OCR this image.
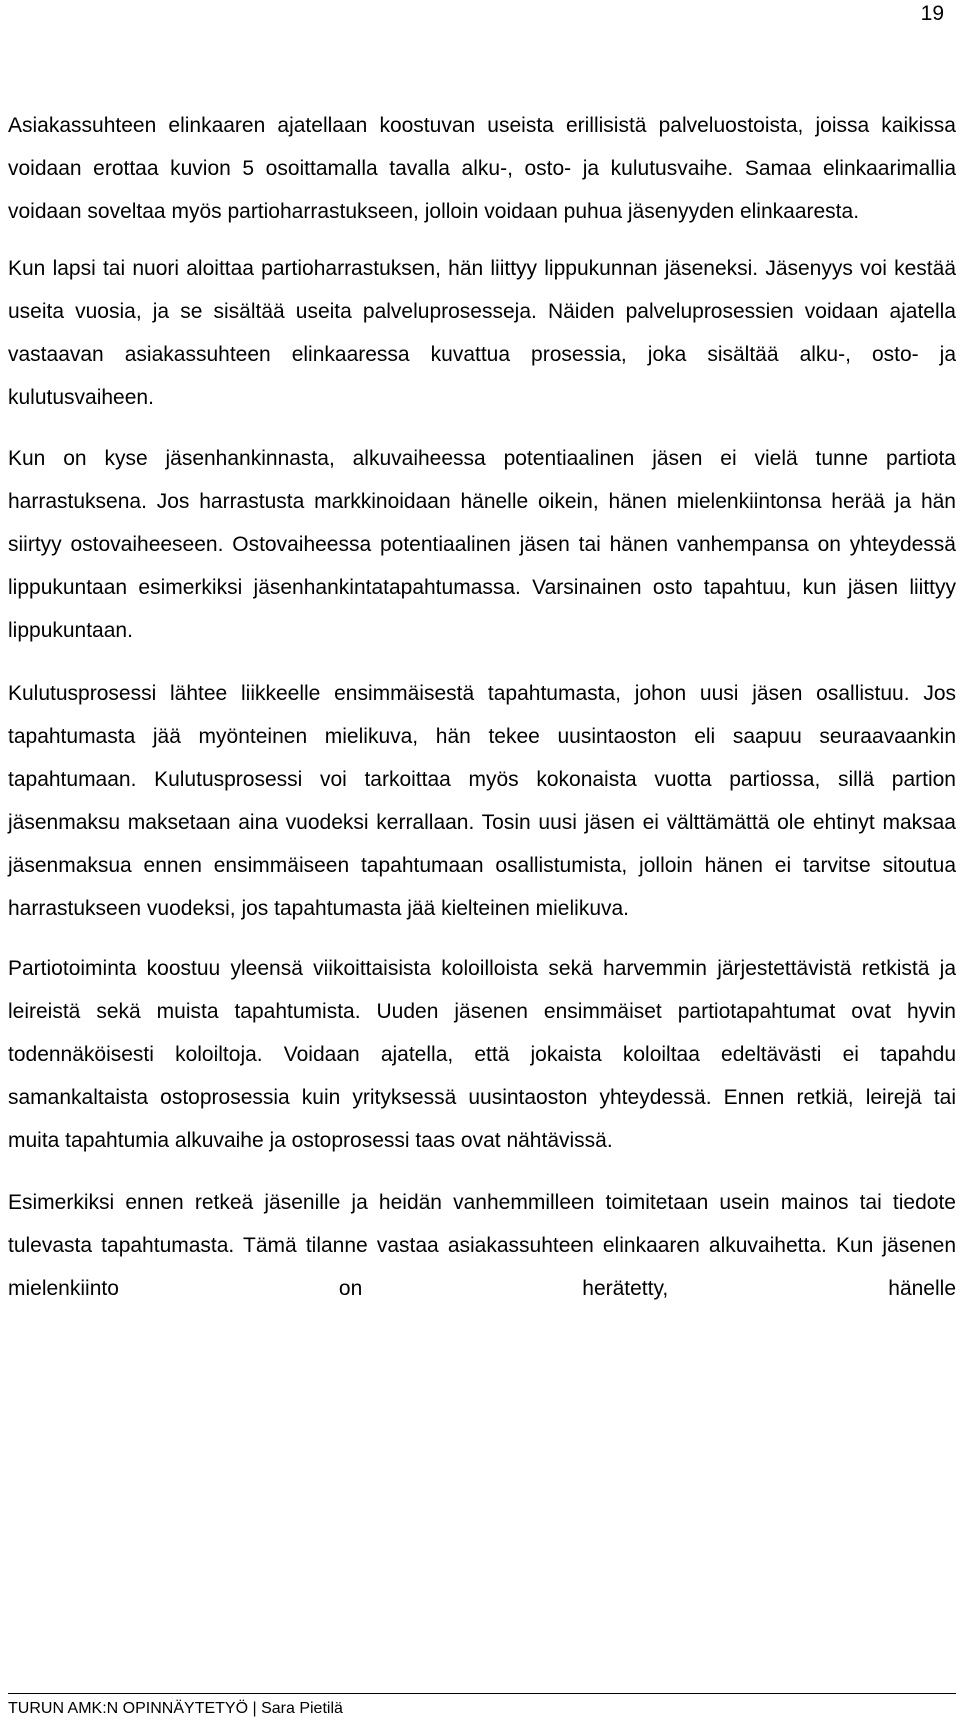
19

Asiakassuhteen elinkaaren ajatellaan koostuvan useista erillisistä palveluostoista, joissa kaikissa voidaan erottaa kuvion 5 osoittamalla tavalla alku-, osto- ja kulutusvaihe. Samaa elinkaarimallia voidaan soveltaa myös partioharrastukseen, jolloin voidaan puhua jäsenyyden elinkaaresta.

Kun lapsi tai nuori aloittaa partioharrastuksen, hän liittyy lippukunnan jäseneksi. Jäsenyys voi kestää useita vuosia, ja se sisältää useita palveluprosesseja. Näiden palveluprosessien voidaan ajatella vastaavan asiakassuhteen elinkaaressa kuvattua prosessia, joka sisältää alku-, osto- ja kulutusvaiheen.

Kun on kyse jäsenhankinnasta, alkuvaiheessa potentiaalinen jäsen ei vielä tunne partiota harrastuksena. Jos harrastusta markkinoidaan hänelle oikein, hänen mielenkiintonsa herää ja hän siirtyy ostovaiheeseen. Ostovaiheessa potentiaalinen jäsen tai hänen vanhempansa on yhteydessä lippukuntaan esimerkiksi jäsenhankintatapahtumassa. Varsinainen osto tapahtuu, kun jäsen liittyy lippukuntaan.

Kulutusprosessi lähtee liikkeelle ensimmäisestä tapahtumasta, johon uusi jäsen osallistuu. Jos tapahtumasta jää myönteinen mielikuva, hän tekee uusintaoston eli saapuu seuraavaankin tapahtumaan. Kulutusprosessi voi tarkoittaa myös kokonaista vuotta partiossa, sillä partion jäsenmaksu maksetaan aina vuodeksi kerrallaan. Tosin uusi jäsen ei välttämättä ole ehtinyt maksaa jäsenmaksua ennen ensimmäiseen tapahtumaan osallistumista, jolloin hänen ei tarvitse sitoutua harrastukseen vuodeksi, jos tapahtumasta jää kielteinen mielikuva.

Partiotoiminta koostuu yleensä viikoittaisista koloilloista sekä harvemmin järjestettävistä retkistä ja leireistä sekä muista tapahtumista. Uuden jäsenen ensimmäiset partiotapahtumat ovat hyvin todennäköisesti koloiltoja. Voidaan ajatella, että jokaista koloiltaa edeltävästi ei tapahdu samankaltaista ostoprosessia kuin yrityksessä uusintaoston yhteydessä. Ennen retkiä, leirejä tai muita tapahtumia alkuvaihe ja ostoprosessi taas ovat nähtävissä.

Esimerkiksi ennen retkeä jäsenille ja heidän vanhemmilleen toimitetaan usein mainos tai tiedote tulevasta tapahtumasta. Tämä tilanne vastaa asiakassuhteen elinkaaren alkuvaihetta. Kun jäsenen mielenkiinto on herätetty, hänelle

TURUN AMK:N OPINNÄYTETYÖ | Sara Pietilä
